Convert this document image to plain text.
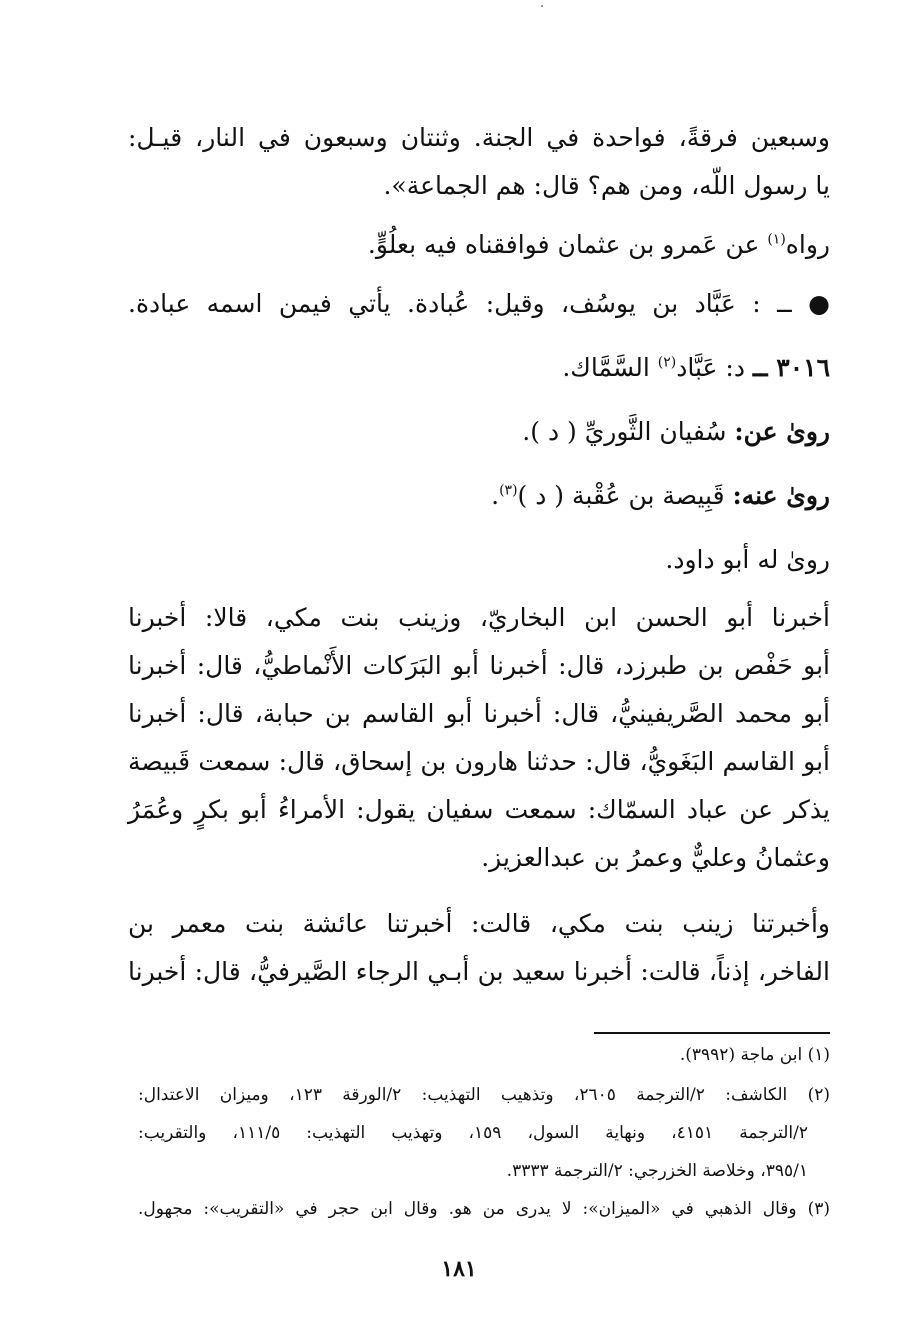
وسبعين فرقةً، فواحدة في الجنة. وثنتان وسبعون في النار، قيـل:
يا رسول اللّه، ومن هم؟ قال: هم الجماعة».
رواه$^{(١)}$ عن عَمرو بن عثمان فوافقناه فيه بعلُوٍّ.
● ــ : عَبَّاد بن يوسُف، وقيل: عُبادة. يأتي فيمن اسمه عبادة.
٣٠١٦ ــ د: عَبَّاد$^{(٢)}$ السَّمَّاك.
رویٰ عن: سُفيان الثَّوريِّ ( د ).
رویٰ عنه: قَبِيصة بن عُقْبة ( د )$^{(٣)}$.
رویٰ له أبو داود.
أخبرنا أبو الحسن ابن البخاريّ، وزينب بنت مكي، قالا: أخبرنا
أبو حَفْص بن طبرزد، قال: أخبرنا أبو البَرَكات الأَنْماطيُّ، قال: أخبرنا
أبو محمد الصَّريفينيُّ، قال: أخبرنا أبو القاسم بن حبابة، قال: أخبرنا
أبو القاسم البَغَويُّ، قال: حدثنا هارون بن إسحاق، قال: سمعت قَبيصة
يذكر عن عباد السمّاك: سمعت سفيان يقول: الأمراءُ أبو بكرٍ وعُمَرُ
وعثمانُ وعليٌّ وعمرُ بن عبدالعزيز.
وأخبرتنا زينب بنت مكي، قالت: أخبرتنا عائشة بنت معمر بن
الفاخر، إذناً، قالت: أخبرنا سعيد بن أبـي الرجاء الصَّيرفيُّ، قال: أخبرنا
(١) ابن ماجة (٣٩٩٢).
(٢) الكاشف: ٢/الترجمة ٢٦٠٥، وتذهيب التهذيب: ٢/الورقة ١٢٣، وميزان الاعتدال:
٢/الترجمة ٤١٥١، ونهاية السول، ١٥٩، وتهذيب التهذيب: ١١١/٥، والتقريب:
٣٩٥/١، وخلاصة الخزرجي: ٢/الترجمة ٣٣٣٣.
(٣) وقال الذهبي في «الميزان»: لا يدرى من هو. وقال ابن حجر في «التقريب»: مجهول.
١٨١
